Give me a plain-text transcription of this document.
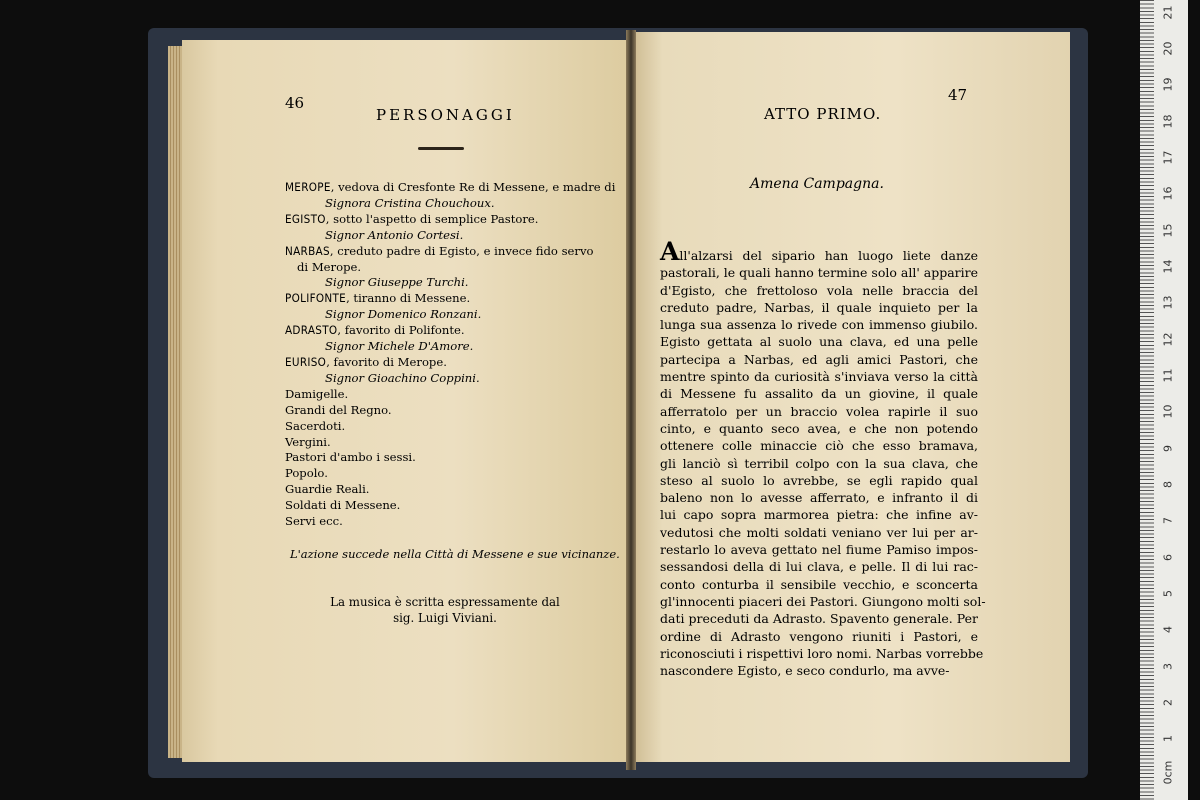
46
PERSONAGGI
MEROPE, vedova di Cresfonte Re di Messene, e madre di
Signora Cristina Chouchoux.
EGISTO, sotto l'aspetto di semplice Pastore.
Signor Antonio Cortesi.
NARBAS, creduto padre di Egisto, e invece fido servo
di Merope.
Signor Giuseppe Turchi.
POLIFONTE, tiranno di Messene.
Signor Domenico Ronzani.
ADRASTO, favorito di Polifonte.
Signor Michele D'Amore.
EURISO, favorito di Merope.
Signor Gioachino Coppini.
Damigelle.
Grandi del Regno.
Sacerdoti.
Vergini.
Pastori d'ambo i sessi.
Popolo.
Guardie Reali.
Soldati di Messene.
Servi ecc.
L'azione succede nella Città di Messene e sue vicinanze.
La musica è scritta espressamente dal
sig. Luigi Viviani.
47
ATTO PRIMO.
Amena Campagna.
All'alzarsi del sipario han luogo liete danze
pastorali, le quali hanno termine solo all' apparire
d'Egisto, che frettoloso vola nelle braccia del
creduto padre, Narbas, il quale inquieto per la
lunga sua assenza lo rivede con immenso giubilo.
Egisto gettata al suolo una clava, ed una pelle
partecipa a Narbas, ed agli amici Pastori, che
mentre spinto da curiosità s'inviava verso la città
di Messene fu assalito da un giovine, il quale
afferratolo per un braccio volea rapirle il suo
cinto, e quanto seco avea, e che non potendo
ottenere colle minaccie ciò che esso bramava,
gli lanciò sì terribil colpo con la sua clava, che
steso al suolo lo avrebbe, se egli rapido qual
baleno non lo avesse afferrato, e infranto il di
lui capo sopra marmorea pietra: che infine av-
vedutosi che molti soldati veniano ver lui per ar-
restarlo lo aveva gettato nel fiume Pamiso impos-
sessandosi della di lui clava, e pelle. Il di lui rac-
conto conturba il sensibile vecchio, e sconcerta
gl'innocenti piaceri dei Pastori. Giungono molti sol-
dati preceduti da Adrasto. Spavento generale. Per
ordine di Adrasto vengono riuniti i Pastori, e
riconosciuti i rispettivi loro nomi. Narbas vorrebbe
nascondere Egisto, e seco condurlo, ma avve-
21
20
19
18
17
16
15
14
13
12
11
10
9
8
7
6
5
4
3
2
1
0cm
